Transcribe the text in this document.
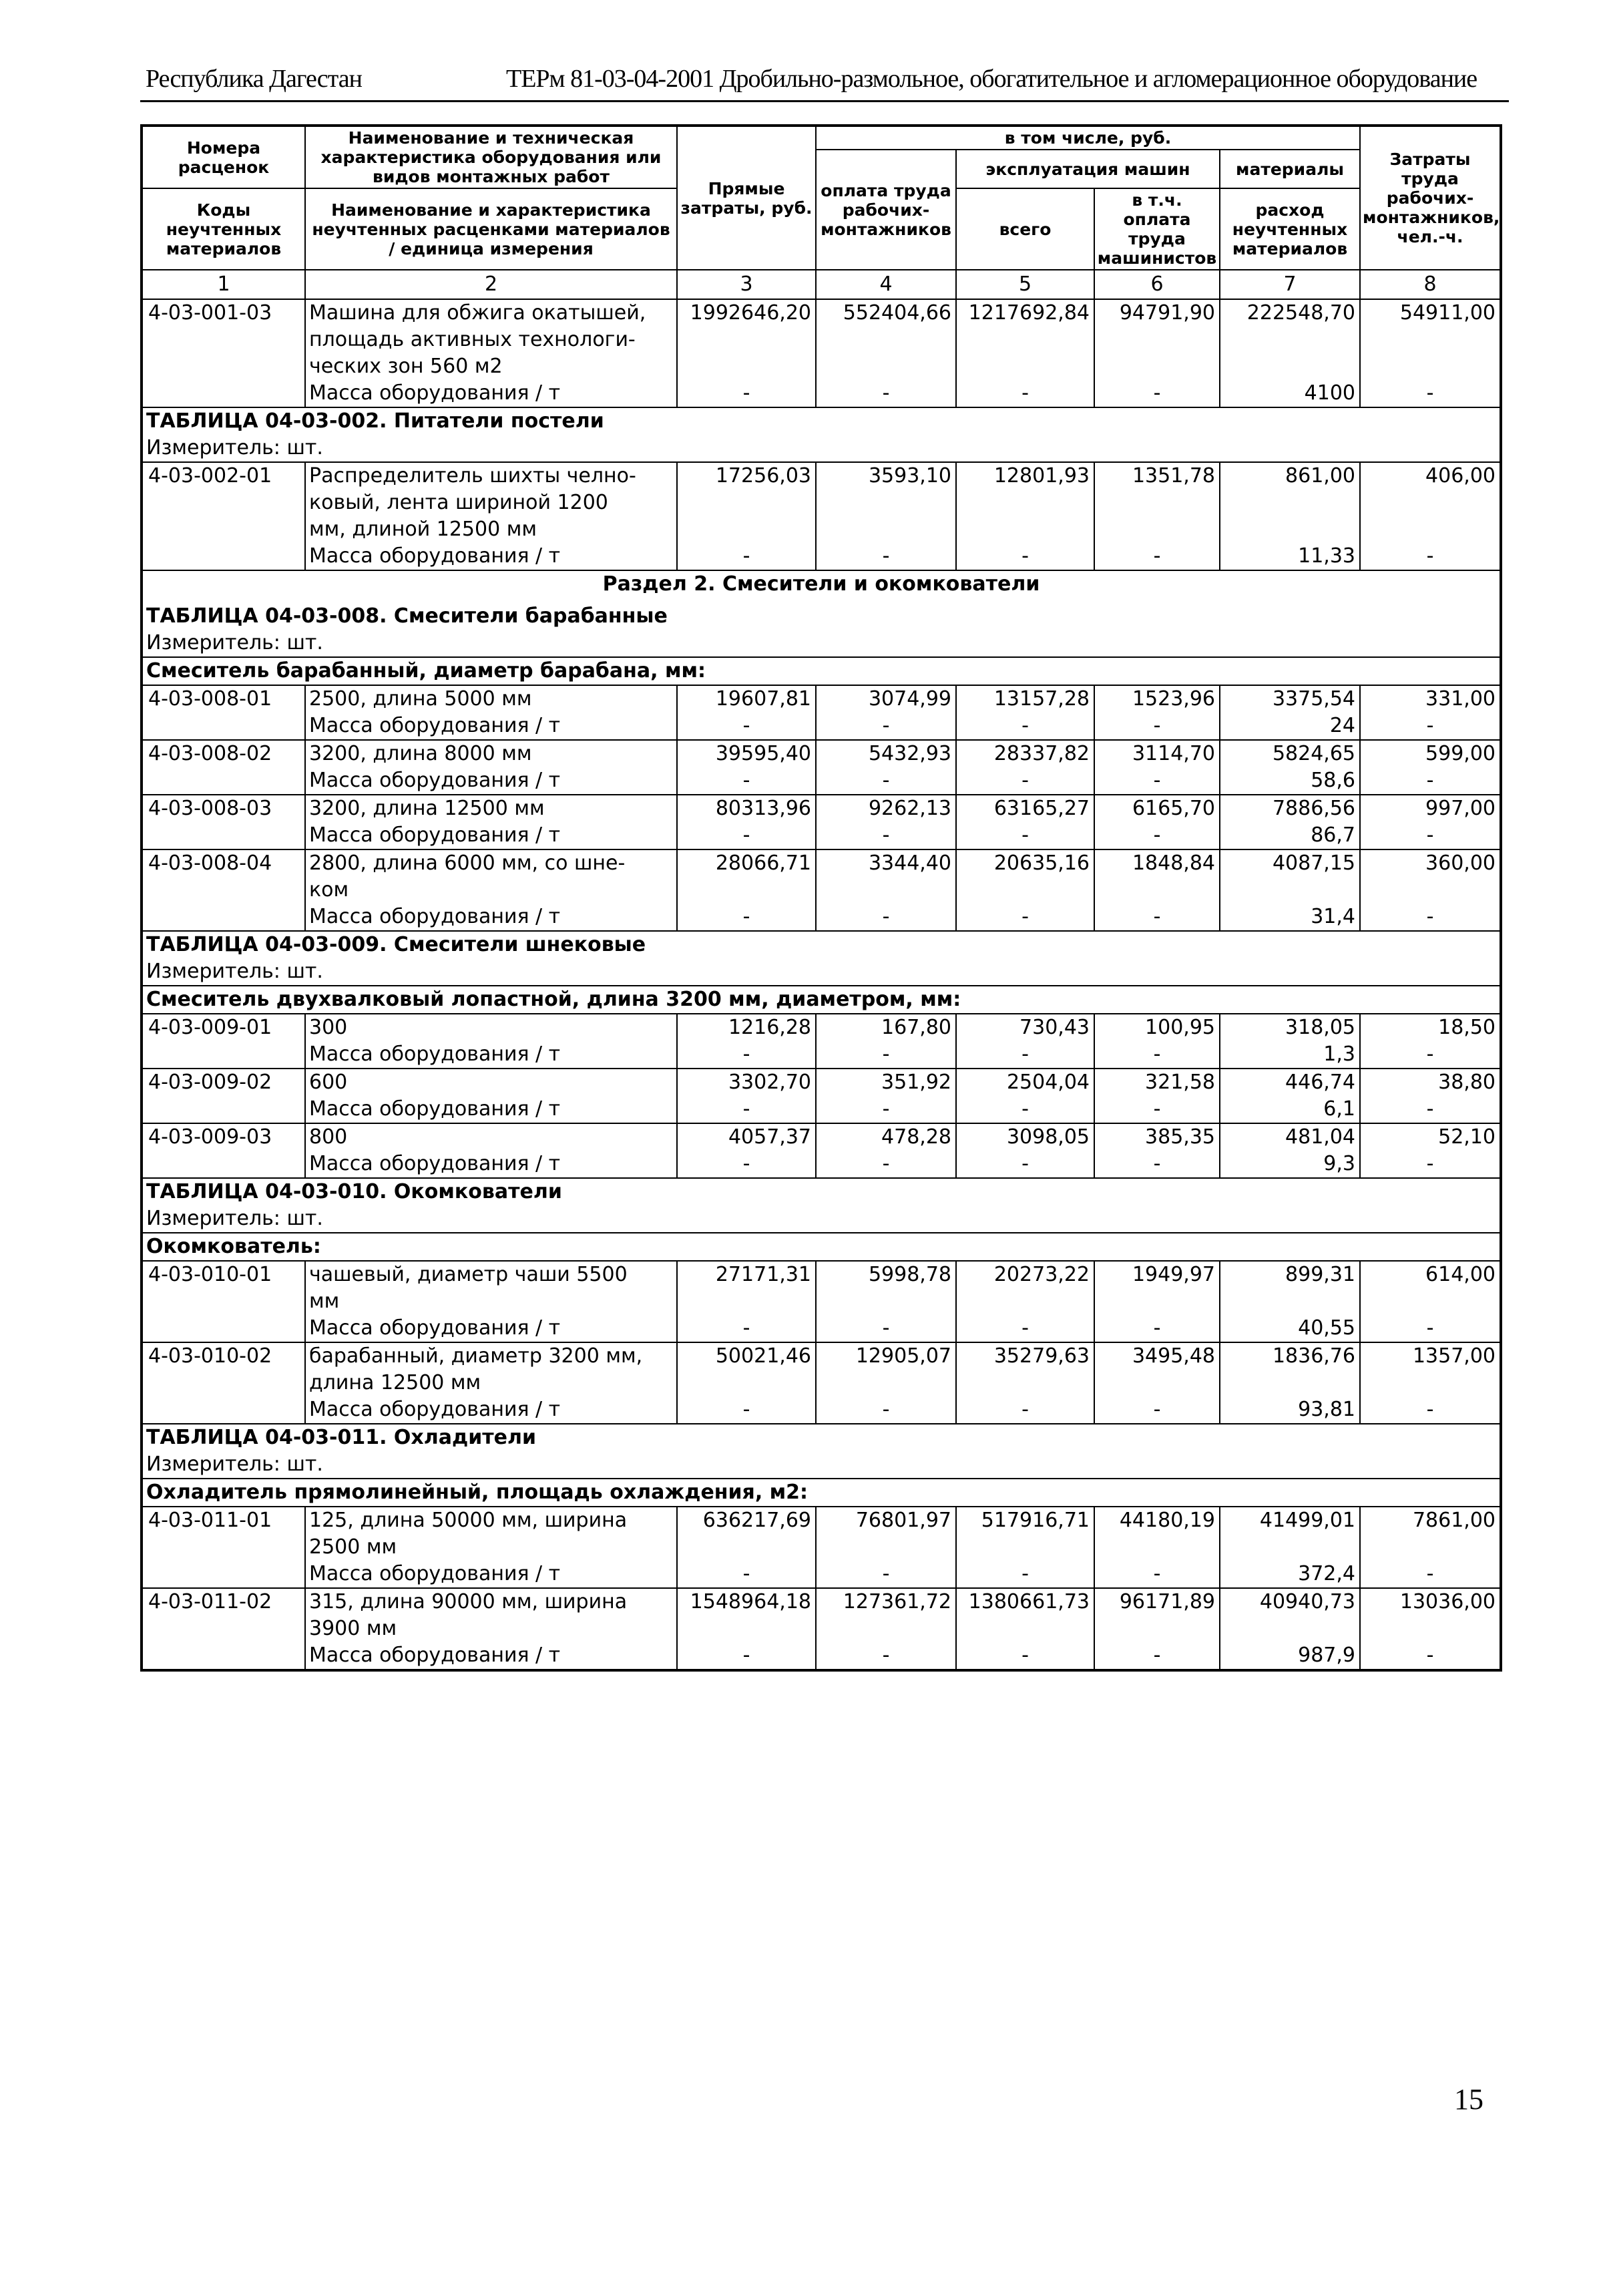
Республика Дагестан	ТЕРм 81-03-04-2001 Дробильно-размольное, обогатительное и агломерационное оборудование
Номера расценок	Наименование и техническая характеристика оборудования или видов монтажных работ	Прямые затраты, руб.	в том числе, руб.				Затраты труда рабочих-монтажников, чел.-ч.
			оплата труда рабочих-монтажников	эксплуатация машин		материалы	
Коды неучтенных материалов	Наименование и характеристика неучтенных расценками материалов / единица измерения			всего	в т.ч. оплата труда машинистов	расход неучтенных материалов	

1	2	3	4	5	6	7	8
4-03-001-03	Машина для обжига окатышей,	1992646,20	552404,66	1217692,84	94791,90	222548,70	54911,00
	площадь активных технологи-						
	ческих зон 560 м2						
	Масса оборудования / т	-	-	-	-	4100	-
ТАБЛИЦА 04-03-002. Питатели постели							
Измеритель: шт.							
4-03-002-01	Распределитель шихты челно-	17256,03	3593,10	12801,93	1351,78	861,00	406,00
	ковый, лента шириной 1200						
	мм, длиной 12500 мм						
	Масса оборудования / т	-	-	-	-	11,33	-
Раздел 2. Смесители и окомкователи							
ТАБЛИЦА 04-03-008. Смесители барабанные							
Измеритель: шт.							
Смеситель барабанный, диаметр барабана, мм:							
4-03-008-01	2500, длина 5000 мм	19607,81	3074,99	13157,28	1523,96	3375,54	331,00
	Масса оборудования / т	-	-	-	-	24	-
4-03-008-02	3200, длина 8000 мм	39595,40	5432,93	28337,82	3114,70	5824,65	599,00
	Масса оборудования / т	-	-	-	-	58,6	-
4-03-008-03	3200, длина 12500 мм	80313,96	9262,13	63165,27	6165,70	7886,56	997,00
	Масса оборудования / т	-	-	-	-	86,7	-
4-03-008-04	2800, длина 6000 мм, со шне-	28066,71	3344,40	20635,16	1848,84	4087,15	360,00
	ком						
	Масса оборудования / т	-	-	-	-	31,4	-
ТАБЛИЦА 04-03-009. Смесители шнековые							
Измеритель: шт.							
Смеситель двухвалковый лопастной, длина 3200 мм, диаметром, мм:							
4-03-009-01	300	1216,28	167,80	730,43	100,95	318,05	18,50
	Масса оборудования / т	-	-	-	-	1,3	-
4-03-009-02	600	3302,70	351,92	2504,04	321,58	446,74	38,80
	Масса оборудования / т	-	-	-	-	6,1	-
4-03-009-03	800	4057,37	478,28	3098,05	385,35	481,04	52,10
	Масса оборудования / т	-	-	-	-	9,3	-
ТАБЛИЦА 04-03-010. Окомкователи							
Измеритель: шт.							
Окомкователь:							
4-03-010-01	чашевый, диаметр чаши 5500	27171,31	5998,78	20273,22	1949,97	899,31	614,00
	мм						
	Масса оборудования / т	-	-	-	-	40,55	-
4-03-010-02	барабанный, диаметр 3200 мм,	50021,46	12905,07	35279,63	3495,48	1836,76	1357,00
	длина 12500 мм						
	Масса оборудования / т	-	-	-	-	93,81	-
ТАБЛИЦА 04-03-011. Охладители							
Измеритель: шт.							
Охладитель прямолинейный, площадь охлаждения, м2:							
4-03-011-01	125, длина 50000 мм, ширина	636217,69	76801,97	517916,71	44180,19	41499,01	7861,00
	2500 мм						
	Масса оборудования / т	-	-	-	-	372,4	-
4-03-011-02	315, длина 90000 мм, ширина	1548964,18	127361,72	1380661,73	96171,89	40940,73	13036,00
	3900 мм						
	Масса оборудования / т	-	-	-	-	987,9	-
15
